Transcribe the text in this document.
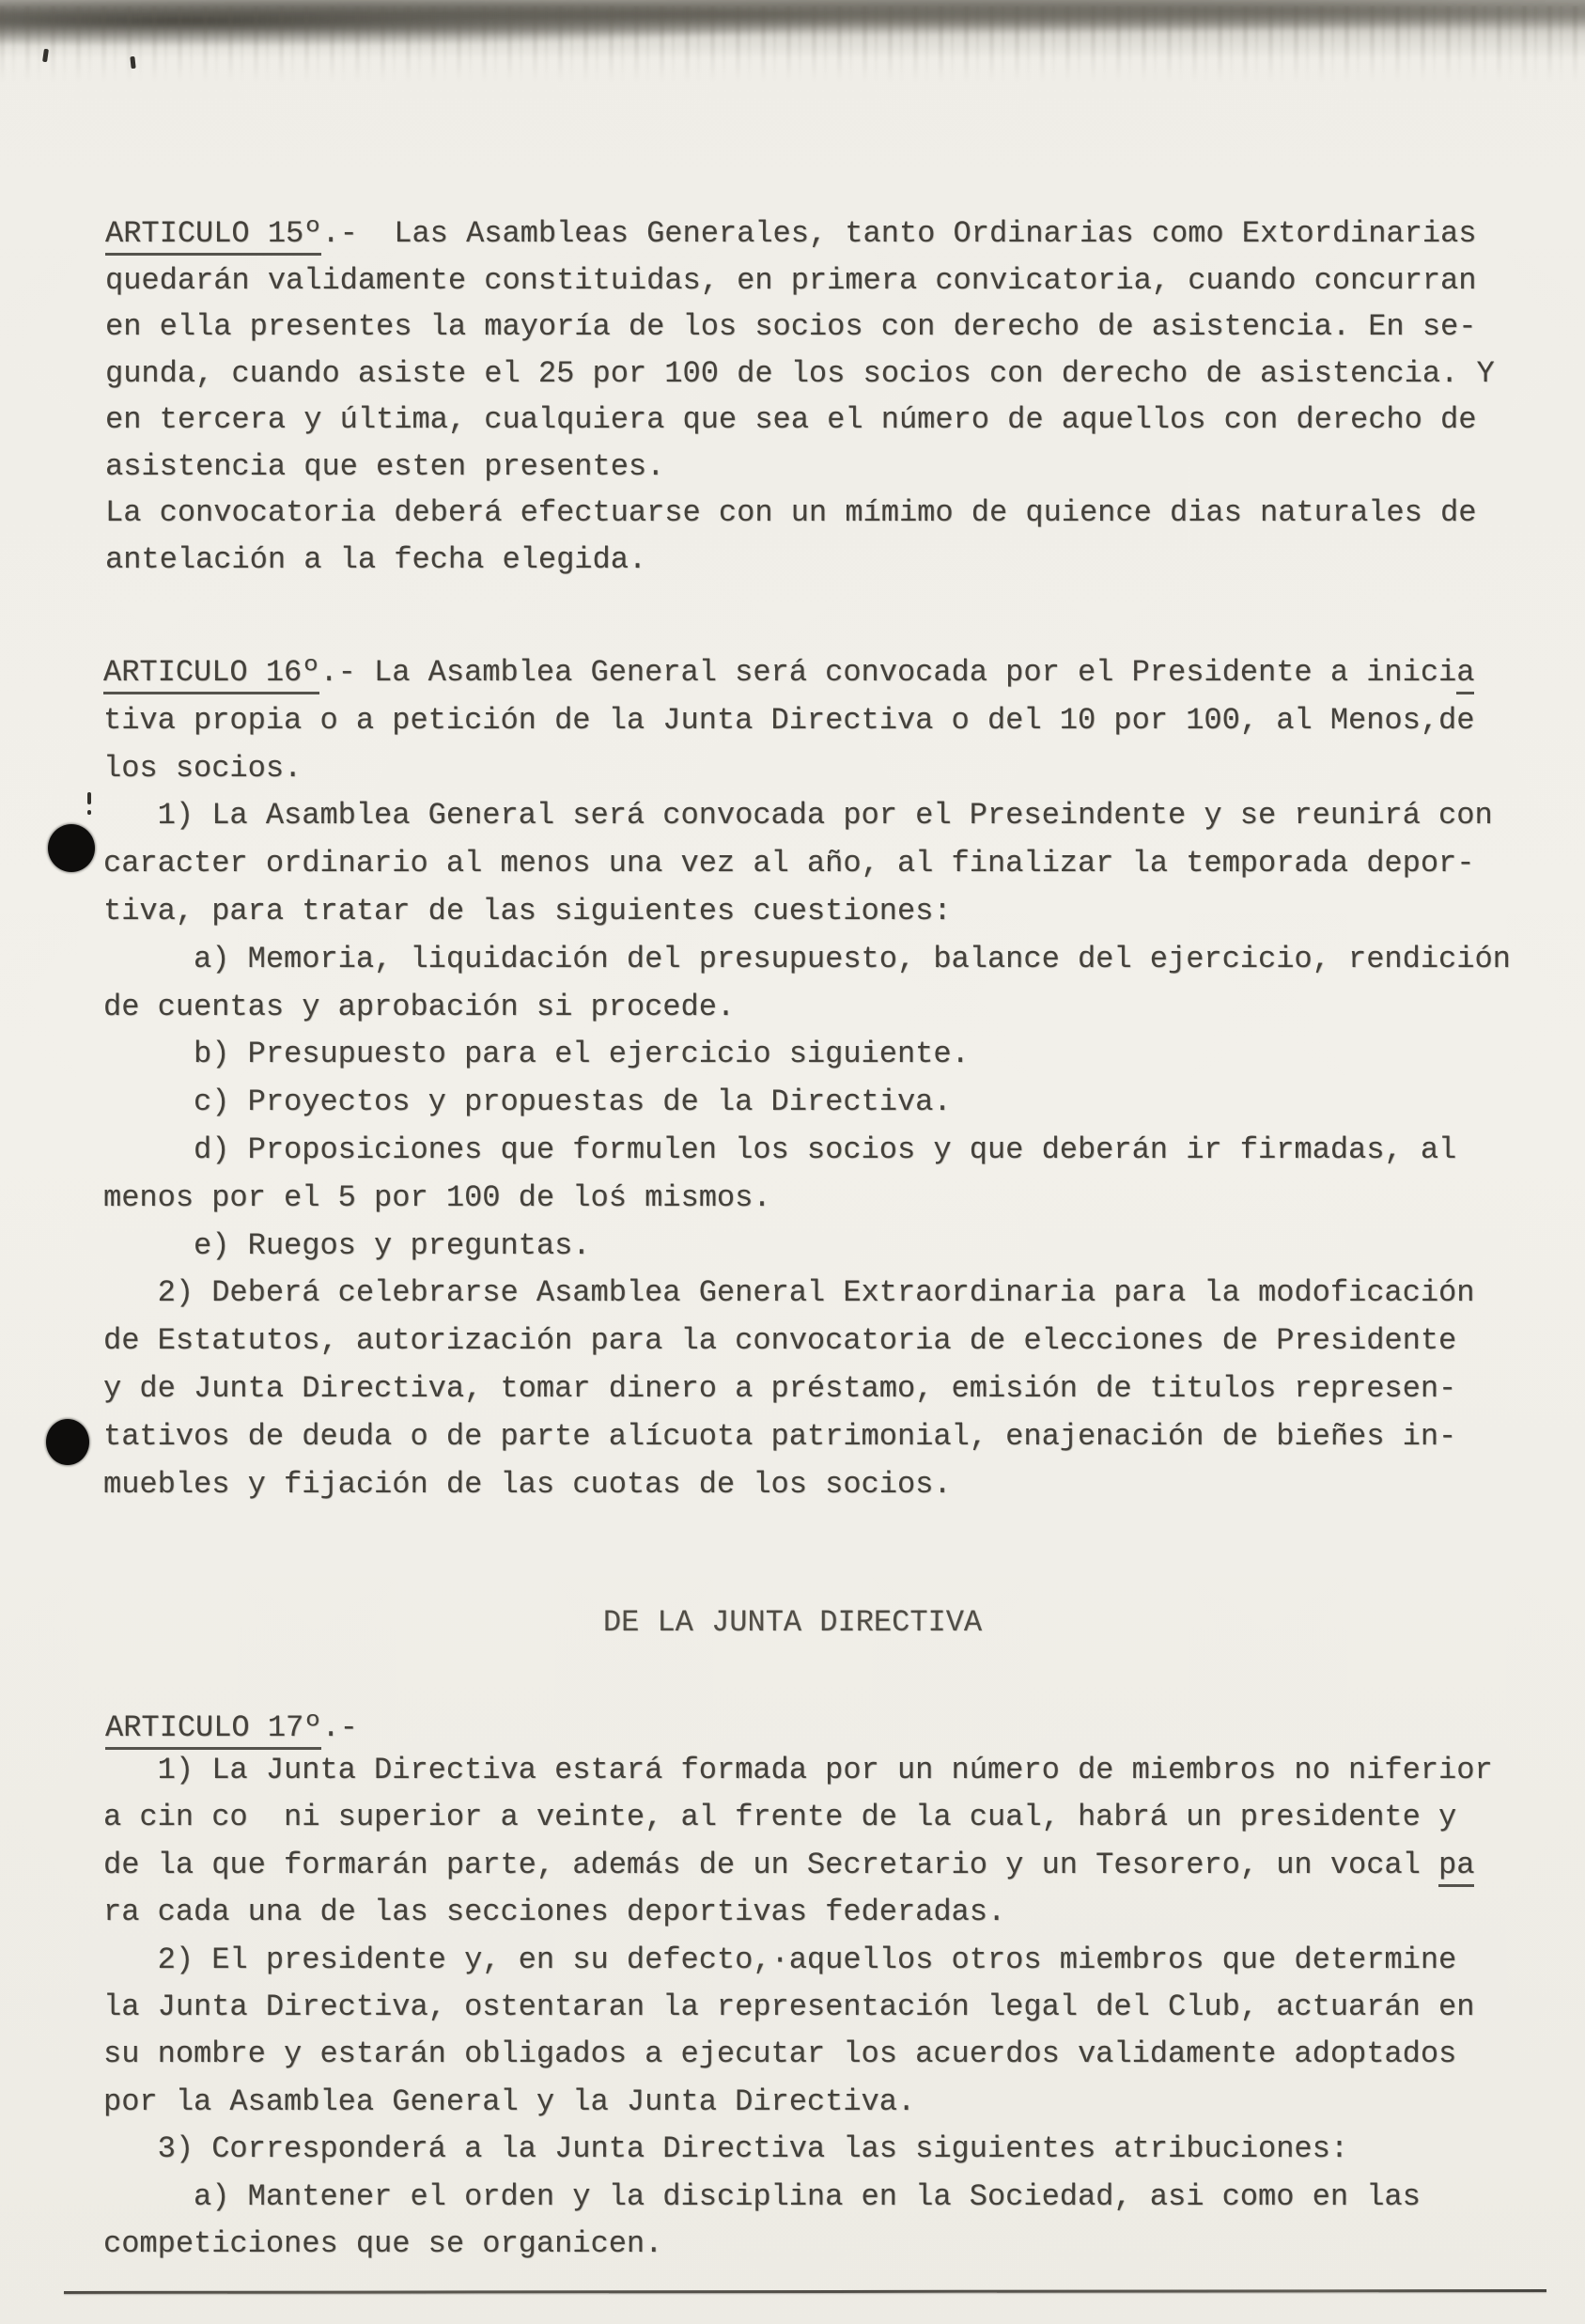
ARTICULO 15º.-  Las Asambleas Generales, tanto Ordinarias como Extordinarias
quedarán validamente constituidas, en primera convicatoria, cuando concurran
en ella presentes la mayoría de los socios con derecho de asistencia. En se-
gunda, cuando asiste el 25 por 100 de los socios con derecho de asistencia. Y
en tercera y última, cualquiera que sea el número de aquellos con derecho de
asistencia que esten presentes.
La convocatoria deberá efectuarse con un mímimo de quience dias naturales de
antelación a la fecha elegida.
ARTICULO 16º.- La Asamblea General será convocada por el Presidente a inicia
tiva propia o a petición de la Junta Directiva o del 10 por 100, al Menos,de
los socios.
1) La Asamblea General será convocada por el Preseindente y se reunirá con
caracter ordinario al menos una vez al año, al finalizar la temporada depor-
tiva, para tratar de las siguientes cuestiones:
a) Memoria, liquidación del presupuesto, balance del ejercicio, rendición
de cuentas y aprobación si procede.
b) Presupuesto para el ejercicio siguiente.
c) Proyectos y propuestas de la Directiva.
d) Proposiciones que formulen los socios y que deberán ir firmadas, al
menos por el 5 por 100 de loś mismos.
e) Ruegos y preguntas.
2) Deberá celebrarse Asamblea General Extraordinaria para la modoficación
de Estatutos, autorización para la convocatoria de elecciones de Presidente
y de Junta Directiva, tomar dinero a préstamo, emisión de titulos represen-
tativos de deuda o de parte alícuota patrimonial, enajenación de bieñes in-
muebles y fijación de las cuotas de los socios.
DE LA JUNTA DIRECTIVA
ARTICULO 17º.-
1) La Junta Directiva estará formada por un número de miembros no niferior
a cin co  ni superior a veinte, al frente de la cual, habrá un presidente y
de la que formarán parte, además de un Secretario y un Tesorero, un vocal pa
ra cada una de las secciones deportivas federadas.
2) El presidente y, en su defecto,·aquellos otros miembros que determine
la Junta Directiva, ostentaran la representación legal del Club, actuarán en
su nombre y estarán obligados a ejecutar los acuerdos validamente adoptados
por la Asamblea General y la Junta Directiva.
3) Corresponderá a la Junta Directiva las siguientes atribuciones:
a) Mantener el orden y la disciplina en la Sociedad, asi como en las
competiciones que se organicen.
